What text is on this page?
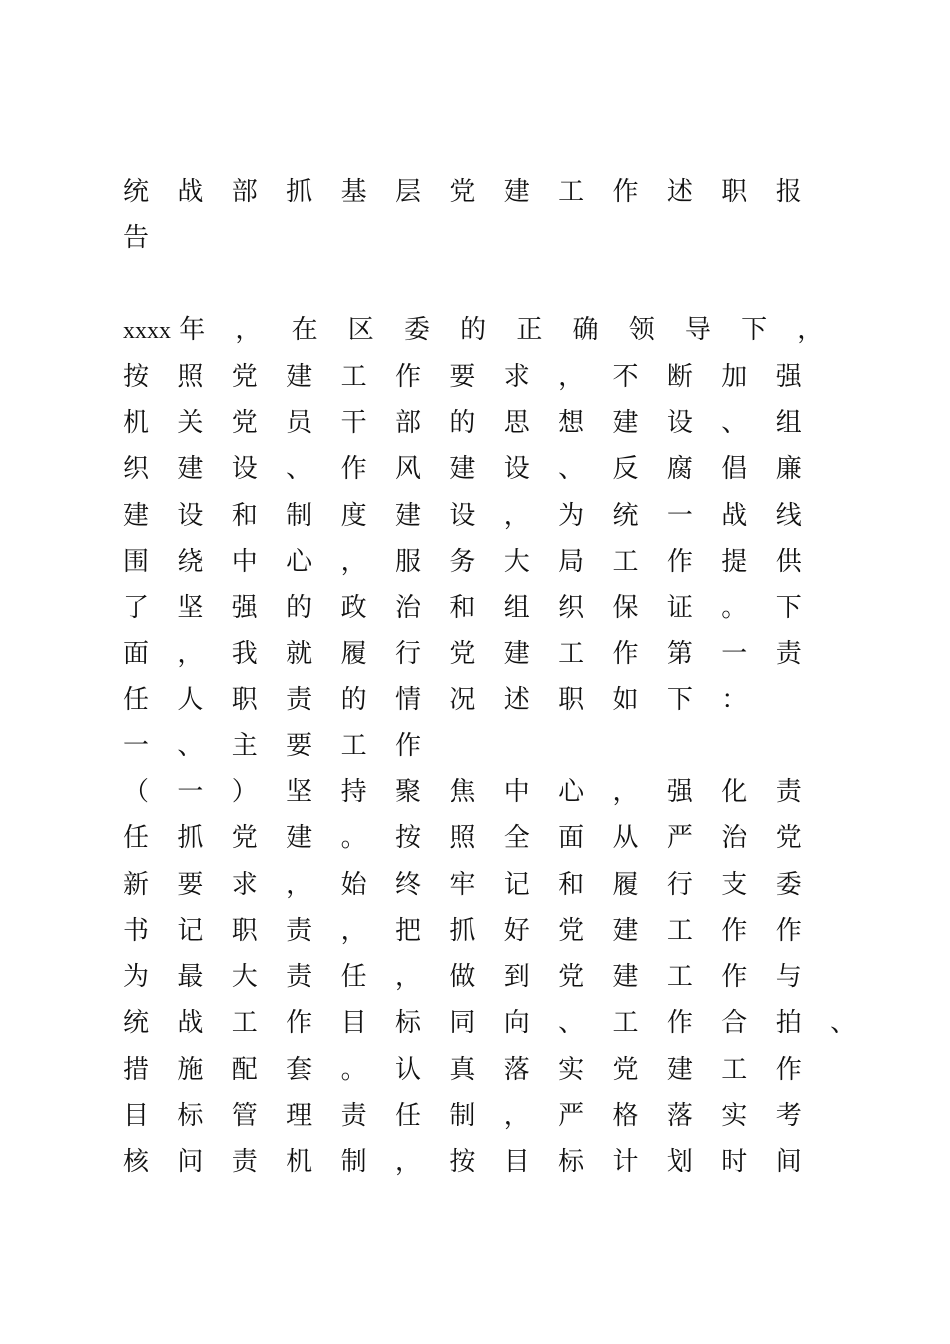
统 战 部 抓 基 层 党 建 工 作 述 职 报
告
xxxx 年 ， 在 区 委 的 正 确 领 导 下 ，
按 照 党 建 工 作 要 求 ， 不 断 加 强
机 关 党 员 干 部 的 思 想 建 设 、 组
织 建 设 、 作 风 建 设 、 反 腐 倡 廉
建 设 和 制 度 建 设 ， 为 统 一 战 线
围 绕 中 心 ， 服 务 大 局 工 作 提 供
了 坚 强 的 政 治 和 组 织 保 证 。 下
面 ， 我 就 履 行 党 建 工 作 第 一 责
任 人 职 责 的 情 况 述 职 如 下 ：
一 、 主 要 工 作
（ 一 ） 坚 持 聚 焦 中 心 ， 强 化 责
任 抓 党 建 。 按 照 全 面 从 严 治 党
新 要 求 ， 始 终 牢 记 和 履 行 支 委
书 记 职 责 ， 把 抓 好 党 建 工 作 作
为 最 大 责 任 ， 做 到 党 建 工 作 与
统 战 工 作 目 标 同 向 、 工 作 合 拍 、
措 施 配 套 。 认 真 落 实 党 建 工 作
目 标 管 理 责 任 制 ， 严 格 落 实 考
核 问 责 机 制 ， 按 目 标 计 划 时 间
